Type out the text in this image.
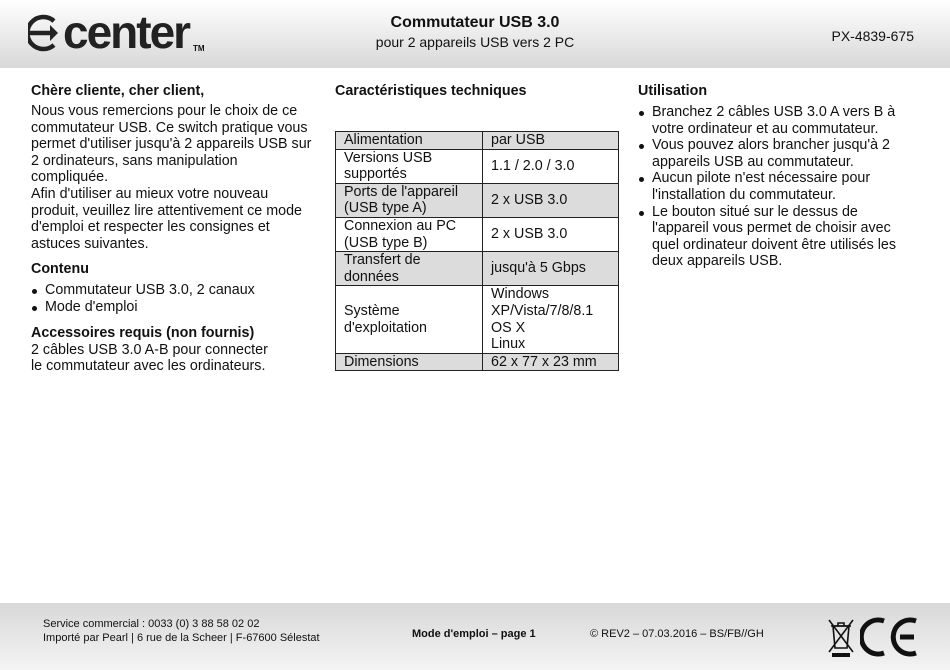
center TM
Commutateur USB 3.0
pour 2 appareils USB vers 2 PC	PX-4839-675
Chère cliente, cher client,

Nous vous remercions pour le choix de ce commutateur USB. Ce switch pratique vous permet d'utiliser jusqu'à 2 appareils USB sur 2 ordinateurs, sans manipulation compliquée.

Afin d'utiliser au mieux votre nouveau produit, veuillez lire attentivement ce mode d'emploi et respecter les consignes et astuces suivantes.

Contenu
Commutateur USB 3.0, 2 canaux
Mode d'emploi
Accessoires requis (non fournis)

2 câbles USB 3.0 A-B pour connecter

le commutateur avec les ordinateurs.

Caractéristiques techniques
Alimentation	par USB
Versions USB supportés	1.1 / 2.0 / 3.0
Ports de l'appareil (USB type A)	2 x USB 3.0
Connexion au PC (USB type B)	2 x USB 3.0
Transfert de données	jusqu'à 5 Gbps
Système d'exploitation	Windows XP/Vista/7/8/8.1
OS X
Linux

Dimensions	62 x 77 x 23 mm
Utilisation
Branchez 2 câbles USB 3.0 A vers B à votre ordinateur et au commutateur.
Vous pouvez alors brancher jusqu'à 2 appareils USB au commutateur.
Aucun pilote n'est nécessaire pour l'installation du commutateur.
Le bouton situé sur le dessus de l'appareil vous permet de choisir avec quel ordinateur doivent être utilisés les deux appareils USB.
Service commercial : 0033 (0) 3 88 58 02 02
Importé par Pearl | 6 rue de la Scheer | F-67600 Sélestat	Mode d'emploi – page 1	© REV2 – 07.03.2016 – BS/FB//GH
